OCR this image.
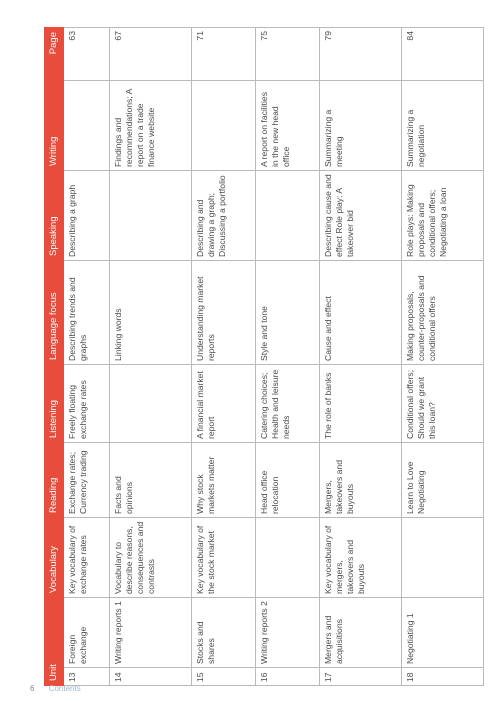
Unit		Vocabulary	Reading	Listening	Language focus	Speaking	Writing	Page
13	Foreign exchange	Key vocabulary of exchange rates	Exchange rates; Currency trading	Freely floating exchange rates	Describing trends and graphs	Describing a graph		63
14	Writing reports 1	Vocabulary to describe reasons, consequences and contrasts	Facts and opinions		Linking words		Findings and recommendations; A report on a trade finance website	67
15	Stocks and shares	Key vocabulary of the stock market	Why stock markets matter	A financial market report	Understanding market reports	Describing and drawing a graph; Discussing a portfolio		71
16	Writing reports 2		Head office relocation	Catering choices; Health and leisure needs	Style and tone		A report on facilities in the new head office	75
17	Mergers and acquisitions	Key vocabulary of mergers, takeovers and buyouts	Mergers, takeovers and buyouts	The role of banks	Cause and effect	Describing cause and effect Role play: A takeover bid	Summarizing a meeting	79
18	Negotiating 1		Learn to Love Negotiating	Conditional offers; Should we grant this loan?	Making proposals, counter-proposals and conditional offers	Role plays: Making proposals and conditional offers; Negotiating a loan	Summarizing a negotiation	84
6 Contents
